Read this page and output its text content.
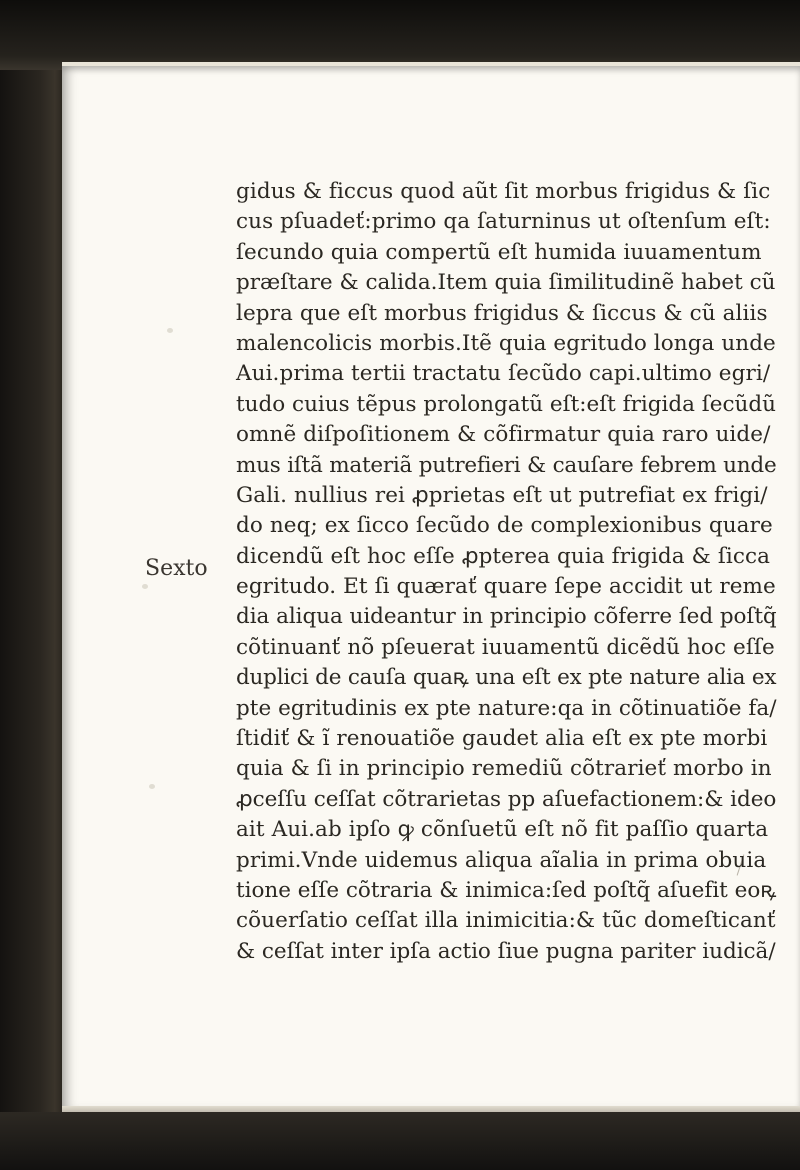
Sexto
gidus & ficcus quod aũt ſit morbus frigidus & ſic
cus pſuadeť:primo qa ſaturninus ut oſtenſum eſt:
ſecundo quia compertũ eſt humida iuuamentum
præſtare & calida.Item quia ſimilitudinẽ habet cũ
lepra que eſt morbus frigidus & ſiccus & cũ aliis
malencolicis morbis.Itẽ quia egritudo longa unde
Aui.prima tertii tractatu ſecũdo capi.ultimo egri/
tudo cuius tẽpus prolongatũ eſt:eſt frigida ſecũdũ
omnẽ diſpoſitionem & cõfirmatur quia raro uide/
mus iſtã materiã putrefieri & cauſare febrem unde
Gali. nullius rei ꝓprietas eſt ut putrefiat ex frigi/
do neq; ex ſicco ſecũdo de complexionibus quare
dicendũ eſt hoc eſſe ꝓpterea quia frigida & ſicca
egritudo. Et ſi quærať quare ſepe accidit ut reme
dia aliqua uideantur in principio cõferre ſed poſtq̃
cõtinuanť nõ pſeuerat iuuamentũ dicẽdũ hoc eſſe
duplici de cauſa quaꝶ una eſt ex pte nature alia ex
pte egritudinis ex pte nature:qa in cõtinuatiõe fa/
ſtidiť & ĩ renouatiõe gaudet alia eſt ex pte morbi
quia & ſi in principio remediũ cõtrarieť morbo in
ꝓceſſu ceſſat cõtrarietas pp aſuefactionem:& ideo
ait Aui.ab ipſo ꝙ cõnſuetũ eſt nõ fit paſſio quarta
primi.Vnde uidemus aliqua aĩalia in prima obuia
tione eſſe cõtraria & inimica:ſed poſtq̃ aſuefit eoꝶ
cõuerſatio ceſſat illa inimicitia:& tũc domeſticanť
& ceſſat inter ipſa actio ſiue pugna pariter iudicã/
